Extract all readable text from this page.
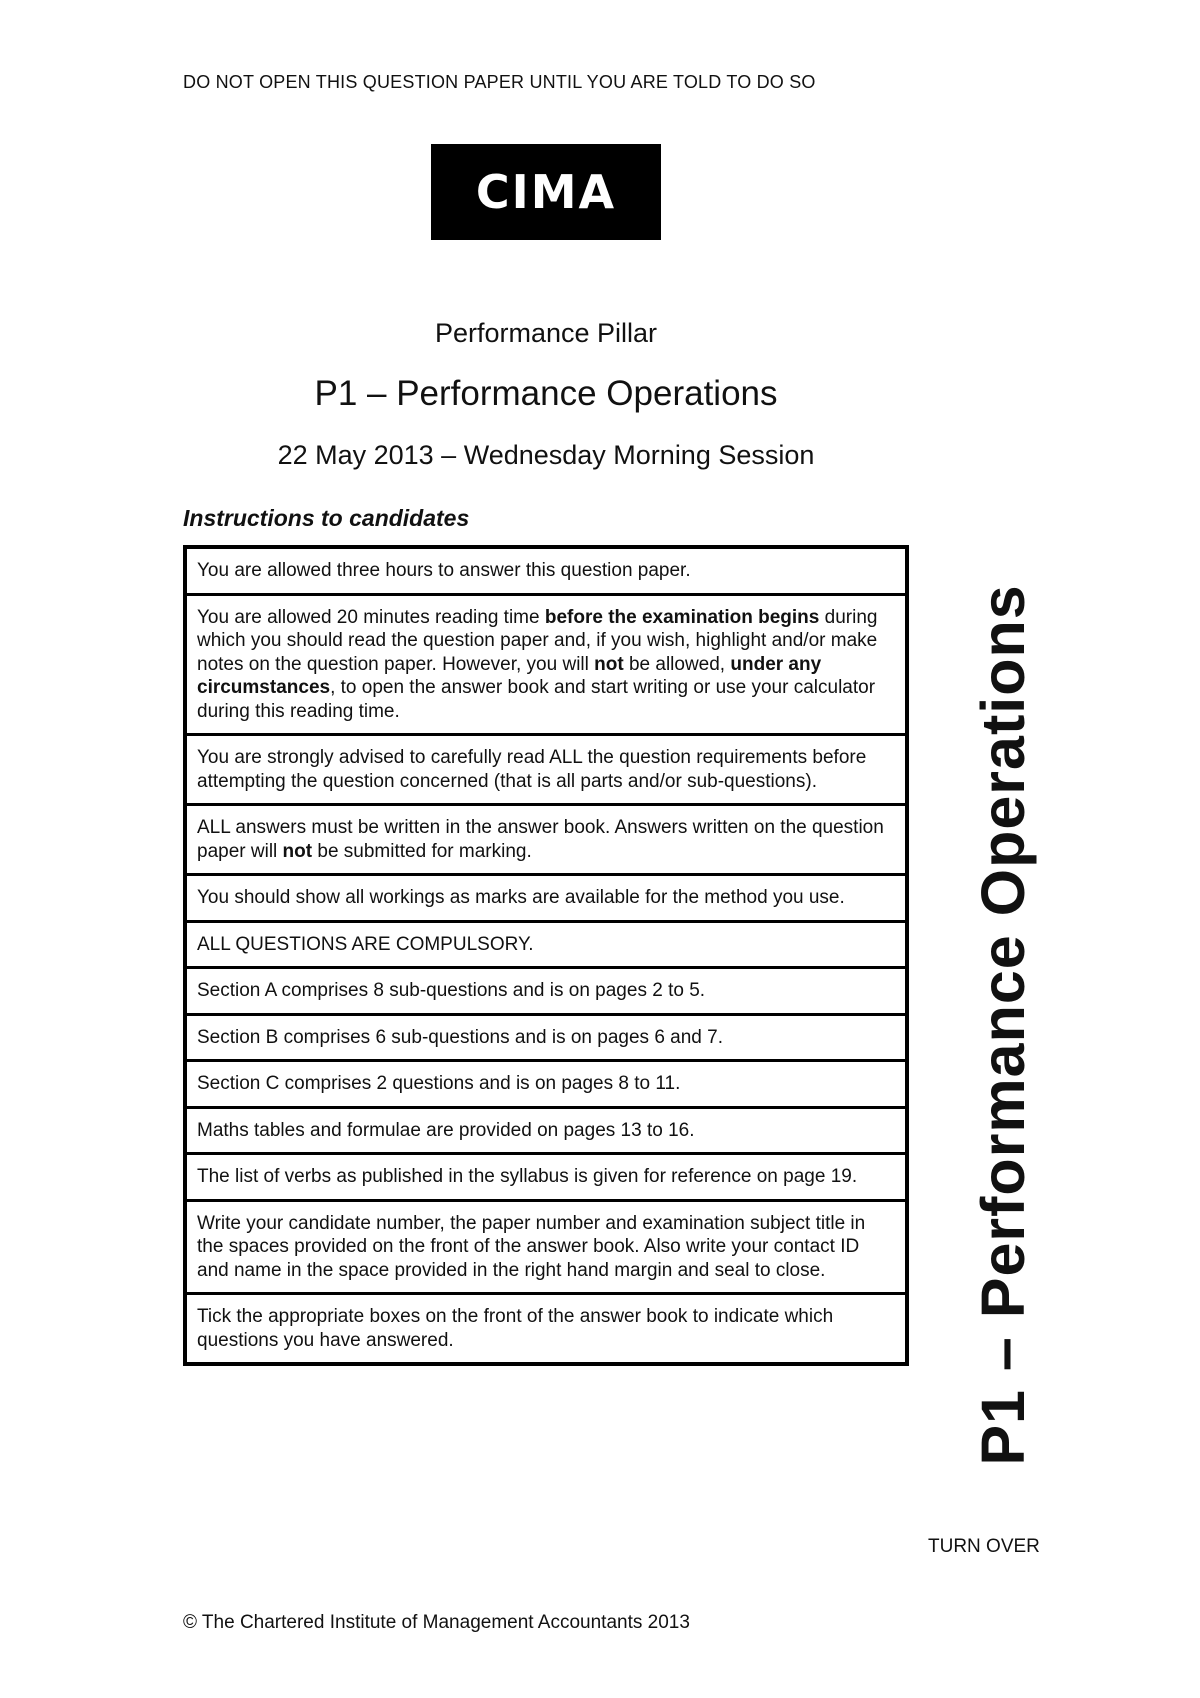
DO NOT OPEN THIS QUESTION PAPER UNTIL YOU ARE TOLD TO DO SO
CIMA
Performance Pillar
P1 – Performance Operations
22 May 2013 – Wednesday Morning Session
Instructions to candidates
You are allowed three hours to answer this question paper.
You are allowed 20 minutes reading time before the examination begins during which you should read the question paper and, if you wish, highlight and/or make notes on the question paper. However, you will not be allowed, under any circumstances, to open the answer book and start writing or use your calculator during this reading time.
You are strongly advised to carefully read ALL the question requirements before attempting the question concerned (that is all parts and/or sub-questions).
ALL answers must be written in the answer book. Answers written on the question paper will not be submitted for marking.
You should show all workings as marks are available for the method you use.
ALL QUESTIONS ARE COMPULSORY.
Section A comprises 8 sub-questions and is on pages 2 to 5.
Section B comprises 6 sub-questions and is on pages 6 and 7.
Section C comprises 2 questions and is on pages 8 to 11.
Maths tables and formulae are provided on pages 13 to 16.
The list of verbs as published in the syllabus is given for reference on page 19.
Write your candidate number, the paper number and examination subject title in the spaces provided on the front of the answer book. Also write your contact ID and name in the space provided in the right hand margin and seal to close.
Tick the appropriate boxes on the front of the answer book to indicate which questions you have answered.	P1 – Performance Operations
TURN OVER
© The Chartered Institute of Management Accountants 2013
